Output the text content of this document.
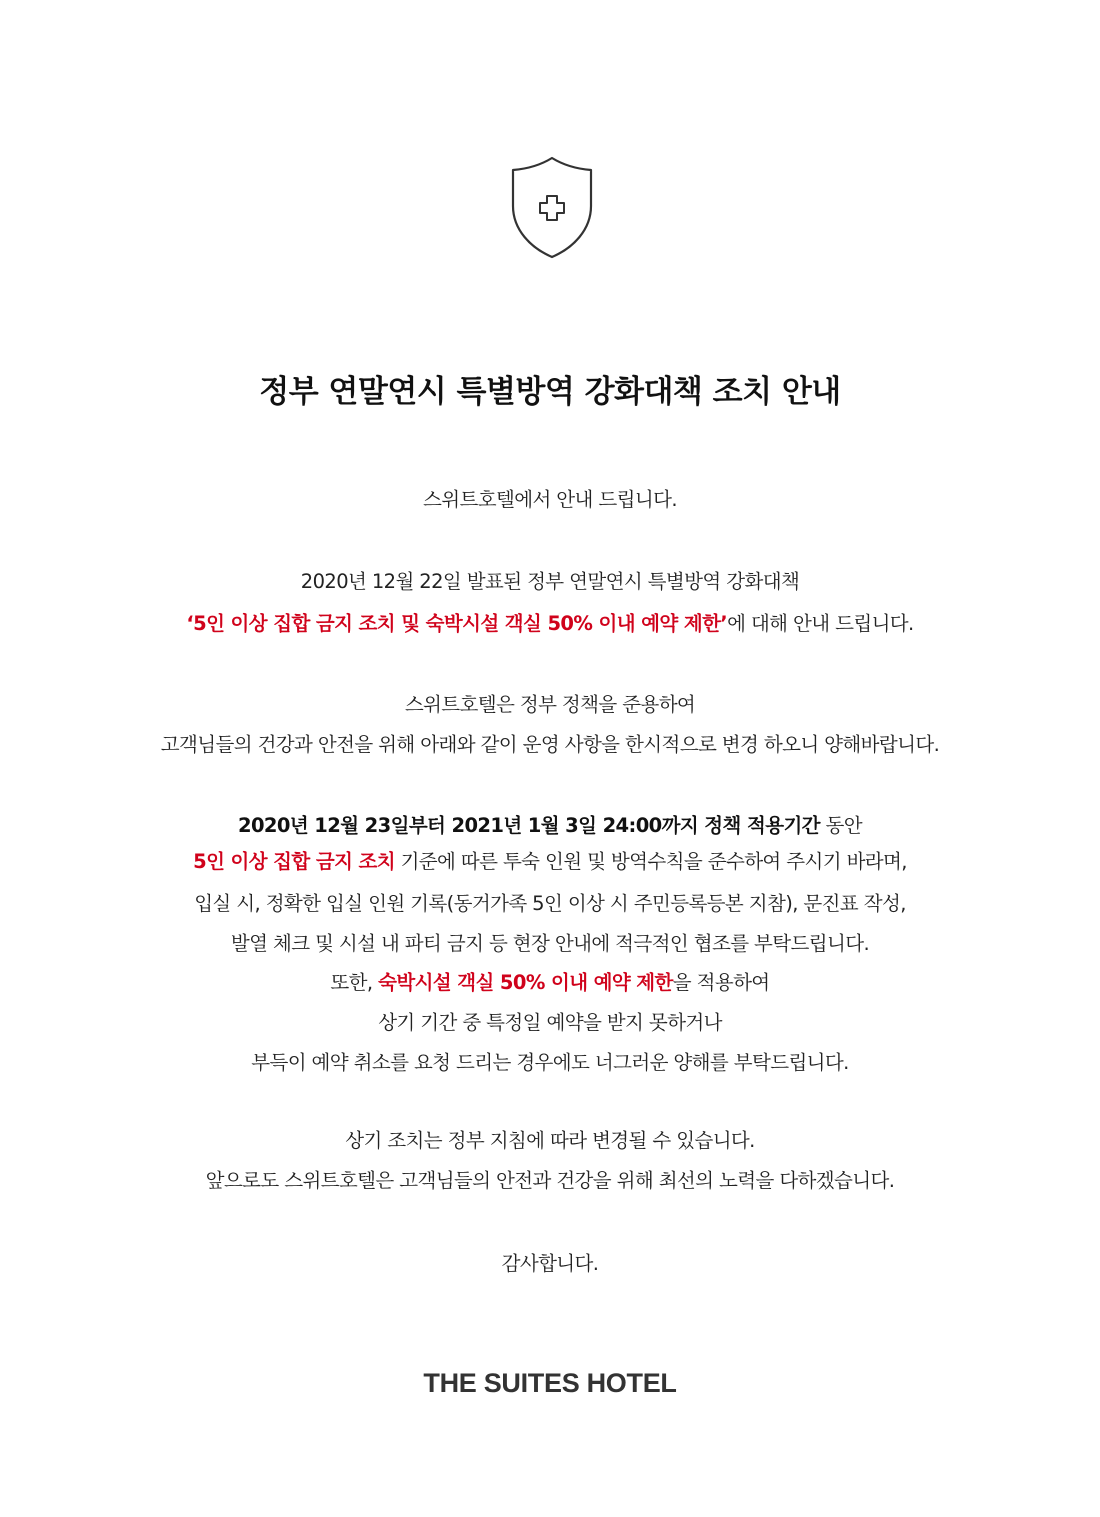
정부 연말연시 특별방역 강화대책 조치 안내
스위트호텔에서 안내 드립니다.
2020년 12월 22일 발표된 정부 연말연시 특별방역 강화대책
‘5인 이상 집합 금지 조치 및 숙박시설 객실 50% 이내 예약 제한’에 대해 안내 드립니다.
스위트호텔은 정부 정책을 준용하여
고객님들의 건강과 안전을 위해 아래와 같이 운영 사항을 한시적으로 변경 하오니 양해바랍니다.
2020년 12월 23일부터 2021년 1월 3일 24:00까지 정책 적용기간 동안
5인 이상 집합 금지 조치 기준에 따른 투숙 인원 및 방역수칙을 준수하여 주시기 바라며,
입실 시, 정확한 입실 인원 기록(동거가족 5인 이상 시 주민등록등본 지참), 문진표 작성,
발열 체크 및 시설 내 파티 금지 등 현장 안내에 적극적인 협조를 부탁드립니다.
또한, 숙박시설 객실 50% 이내 예약 제한을 적용하여
상기 기간 중 특정일 예약을 받지 못하거나
부득이 예약 취소를 요청 드리는 경우에도 너그러운 양해를 부탁드립니다.
상기 조치는 정부 지침에 따라 변경될 수 있습니다.
앞으로도 스위트호텔은 고객님들의 안전과 건강을 위해 최선의 노력을 다하겠습니다.
감사합니다.
THE SUITES HOTEL
